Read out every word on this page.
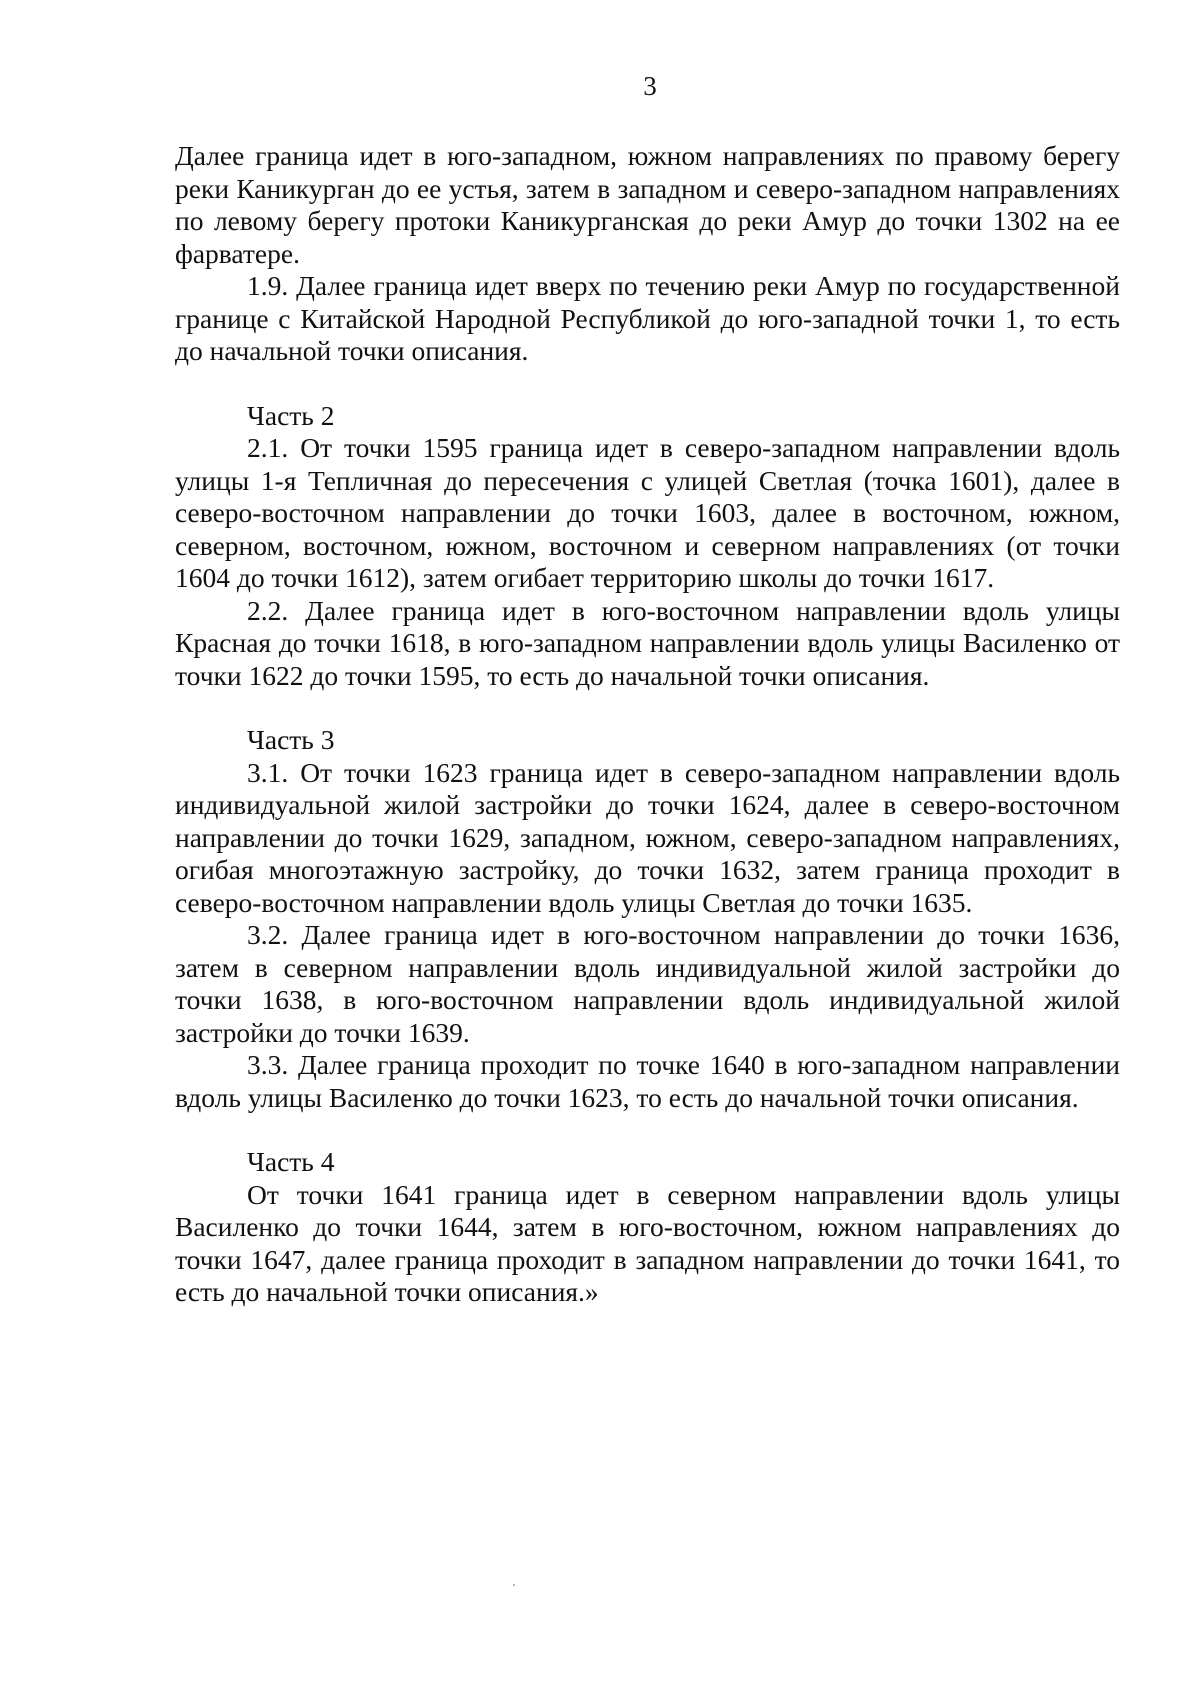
3

Далее граница идет в юго-западном, южном направлениях по правому берегу реки Каникурган до ее устья, затем в западном и северо-западном направлениях по левому берегу протоки Каникурганская до реки Амур до точки 1302 на ее фарватере.

1.9. Далее граница идет вверх по течению реки Амур по государственной границе с Китайской Народной Республикой до юго-западной точки 1, то есть до начальной точки описания.

Часть 2

2.1. От точки 1595 граница идет в северо-западном направлении вдоль улицы 1-я Тепличная до пересечения с улицей Светлая (точка 1601), далее в северо-восточном направлении до точки 1603, далее в восточном, южном, северном, восточном, южном, восточном и северном направлениях (от точки 1604 до точки 1612), затем огибает территорию школы до точки 1617.

2.2. Далее граница идет в юго-восточном направлении вдоль улицы Красная до точки 1618, в юго-западном направлении вдоль улицы Василенко от точки 1622 до точки 1595, то есть до начальной точки описания.

Часть 3

3.1. От точки 1623 граница идет в северо-западном направлении вдоль индивидуальной жилой застройки до точки 1624, далее в северо-восточном направлении до точки 1629, западном, южном, северо-западном направлениях, огибая многоэтажную застройку, до точки 1632, затем граница проходит в северо-восточном направлении вдоль улицы Светлая до точки 1635.

3.2. Далее граница идет в юго-восточном направлении до точки 1636, затем в северном направлении вдоль индивидуальной жилой застройки до точки 1638, в юго-восточном направлении вдоль индивидуальной жилой застройки до точки 1639.

3.3. Далее граница проходит по точке 1640 в юго-западном направлении вдоль улицы Василенко до точки 1623, то есть до начальной точки описания.

Часть 4

От точки 1641 граница идет в северном направлении вдоль улицы Василенко до точки 1644, затем в юго-восточном, южном направлениях до точки 1647, далее граница проходит в западном направлении до точки 1641, то есть до начальной точки описания.»
